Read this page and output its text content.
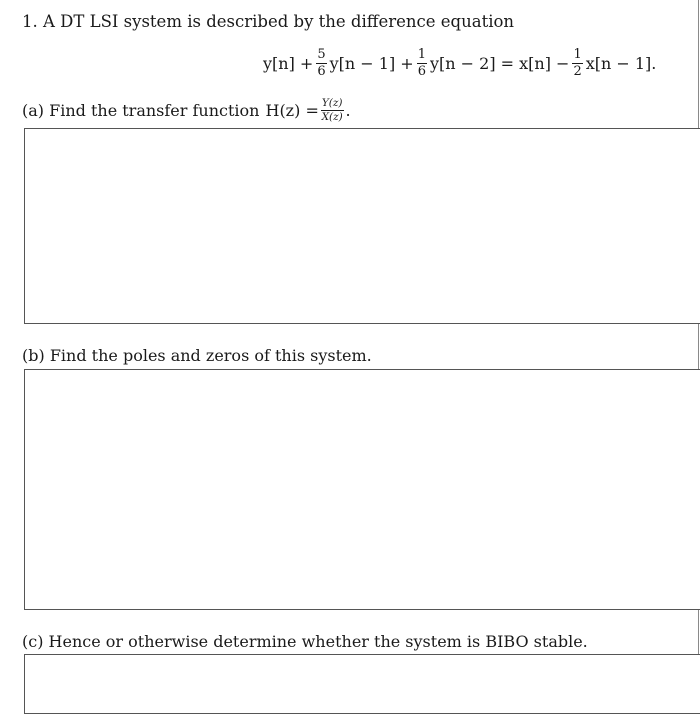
1. A DT LSI system is described by the difference equation
$y[n] + \frac{5}{6} y[n - 1] + \frac{1}{6} y[n - 2] = x[n] - \frac{1}{2} x[n - 1]$.
(a) Find the transfer function $H(z) = \frac{Y(z)}{X(z)}$ .
(b) Find the poles and zeros of this system.
(c) Hence or otherwise determine whether the system is BIBO stable.
